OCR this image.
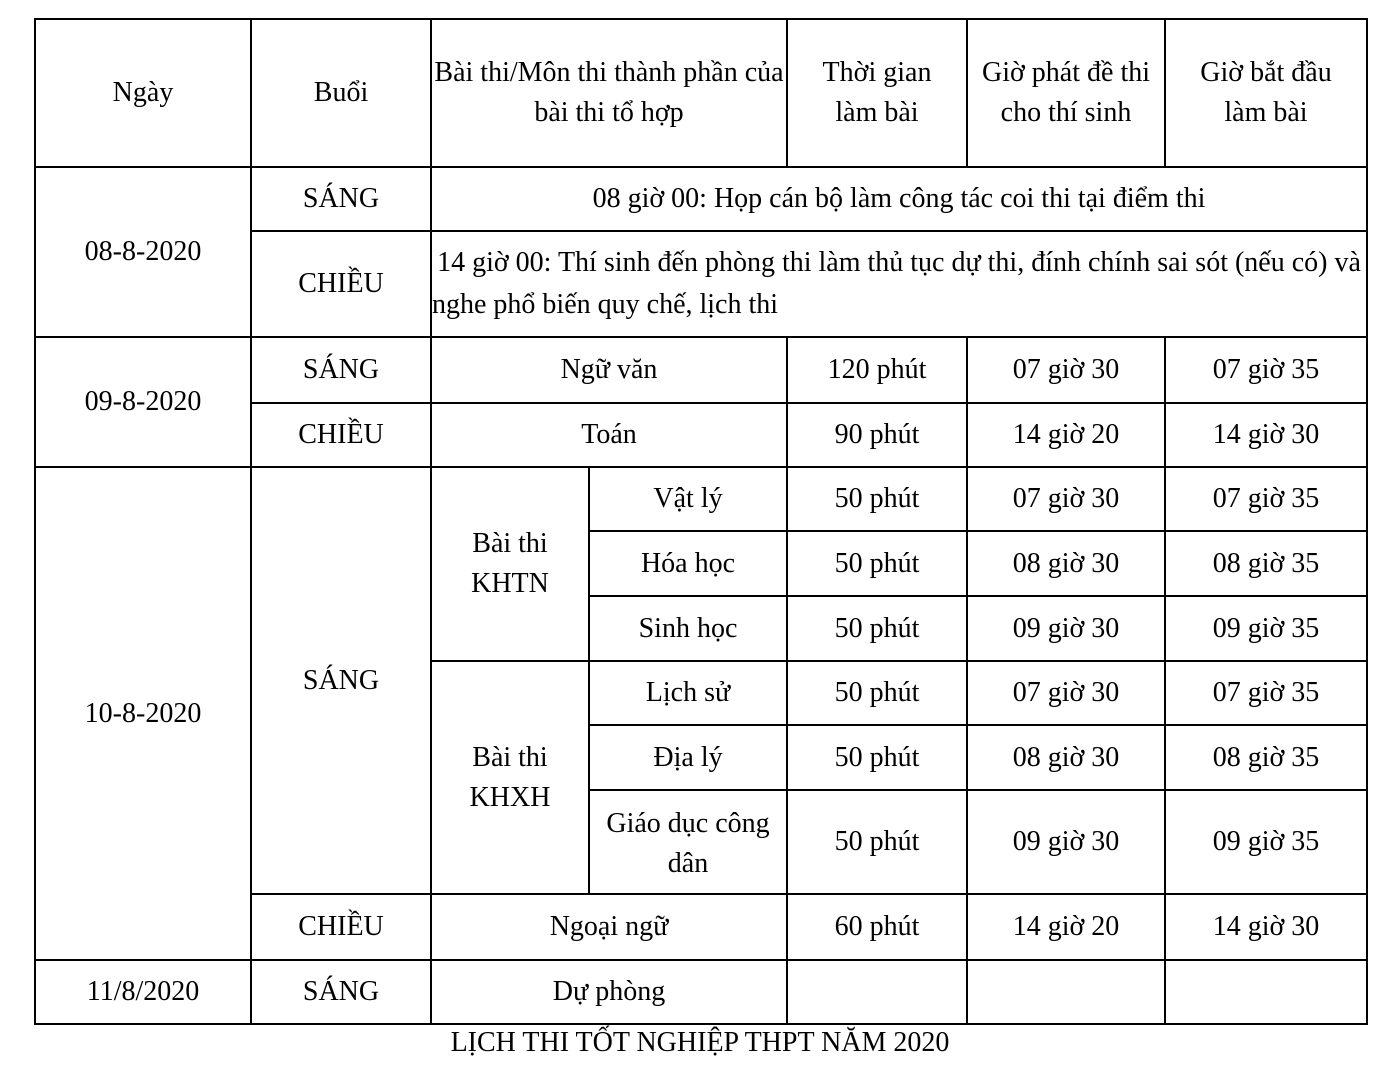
Ngày	Buổi	Bài thi/Môn thi thành phần của bài thi tổ hợp		Thời gian làm bài	Giờ phát đề thi cho thí sinh	Giờ bắt đầu làm bài
08-8-2020	SÁNG	08 giờ 00: Họp cán bộ làm công tác coi thi tại điểm thi				
	CHIỀU	14 giờ 00: Thí sinh đến phòng thi làm thủ tục dự thi, đính chính sai sót (nếu có) và nghe phổ biến quy chế, lịch thi				
09-8-2020	SÁNG	Ngữ văn		120 phút	07 giờ 30	07 giờ 35
	CHIỀU	Toán		90 phút	14 giờ 20	14 giờ 30
10-8-2020	SÁNG	Bài thi KHTN	Vật lý	50 phút	07 giờ 30	07 giờ 35
			Hóa học	50 phút	08 giờ 30	08 giờ 35
			Sinh học	50 phút	09 giờ 30	09 giờ 35
		Bài thi KHXH	Lịch sử	50 phút	07 giờ 30	07 giờ 35
			Địa lý	50 phút	08 giờ 30	08 giờ 35
			Giáo dục công dân	50 phút	09 giờ 30	09 giờ 35
	CHIỀU	Ngoại ngữ		60 phút	14 giờ 20	14 giờ 30
11/8/2020	SÁNG	Dự phòng				
LỊCH THI TỐT NGHIỆP THPT NĂM 2020
